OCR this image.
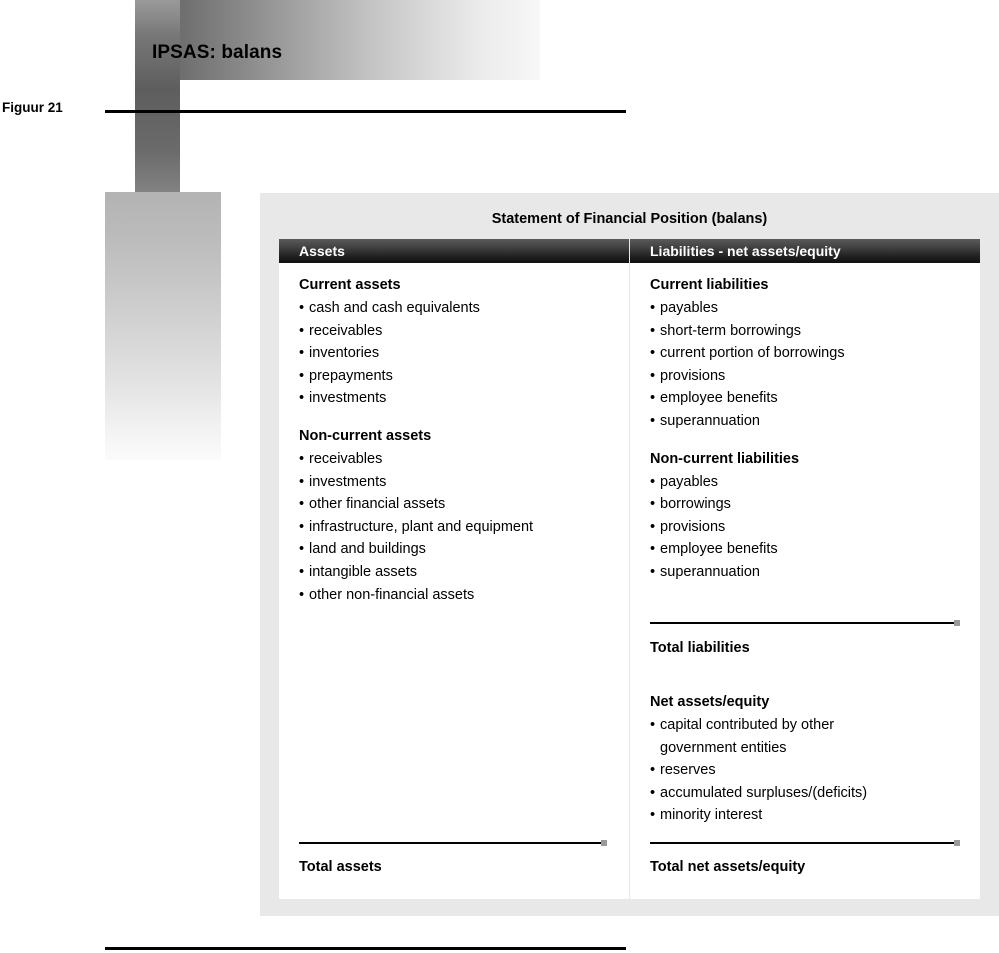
IPSAS: balans
Figuur 21
Statement of Financial Position (balans)
Assets
Current assets
• cash and cash equivalents
• receivables
• inventories
• prepayments
• investments
Non-current assets
• receivables
• investments
• other financial assets
• infrastructure, plant and equipment
• land and buildings
• intangible assets
• other non-financial assets
Total assets
Liabilities - net assets/equity
Current liabilities
• payables
• short-term borrowings
• current portion of borrowings
• provisions
• employee benefits
• superannuation
Non-current liabilities
• payables
• borrowings
• provisions
• employee benefits
• superannuation
Total liabilities
Net assets/equity
• capital contributed by other government entities
• reserves
• accumulated surpluses/(deficits)
• minority interest
Total net assets/equity
